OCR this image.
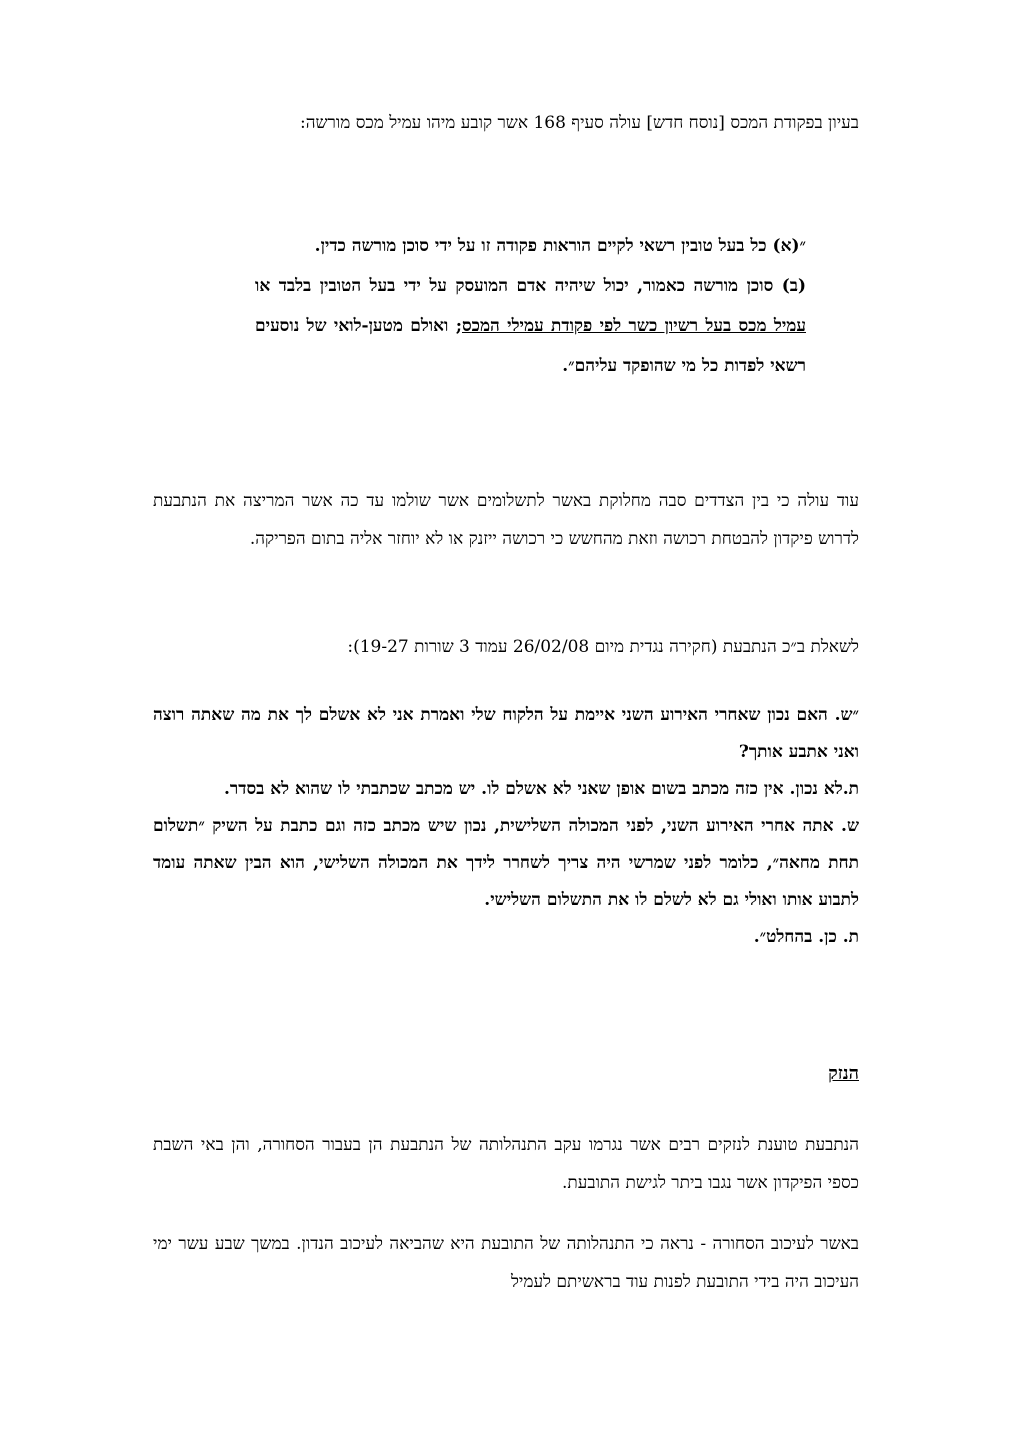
בעיון בפקודת המכס [נוסח חדש] עולה סעיף 168 אשר קובע מיהו עמיל מכס מורשה:

״(א) כל בעל טובין רשאי לקיים הוראות פקודה זו על ידי סוכן מורשה כדין.
(ב) סוכן מורשה כאמור, יכול שיהיה אדם המועסק על ידי בעל הטובין בלבד או עמיל מכס בעל רשיון כשר לפי פקודת עמילי המכס; ואולם מטען-לואי של נוסעים רשאי לפדות כל מי שהופקד עליהם״.

עוד עולה כי בין הצדדים סבה מחלוקת באשר לתשלומים אשר שולמו עד כה אשר המריצה את הנתבעת לדרוש פיקדון להבטחת רכושה וזאת מהחשש כי רכושה ייזנק או לא יוחזר אליה בתום הפריקה.

לשאלת ב״כ הנתבעת (חקירה נגדית מיום 26/02/08 עמוד 3 שורות 19-27):

״ש. האם נכון שאחרי האירוע השני איימת על הלקוח שלי ואמרת אני לא אשלם לך את מה שאתה רוצה ואני אתבע אותך?
ת.לא נכון. אין כזה מכתב בשום אופן שאני לא אשלם לו. יש מכתב שכתבתי לו שהוא לא בסדר.
ש. אתה אחרי האירוע השני, לפני המכולה השלישית, נכון שיש מכתב כזה וגם כתבת על השיק ״תשלום תחת מחאה״, כלומר לפני שמרשי היה צריך לשחרר לידך את המכולה השלישי, הוא הבין שאתה עומד לתבוע אותו ואולי גם לא לשלם לו את התשלום השלישי.
ת. כן. בהחלט״.
הנזק

הנתבעת טוענת לנזקים רבים אשר נגרמו עקב התנהלותה של הנתבעת הן בעבור הסחורה, והן באי השבת כספי הפיקדון אשר נגבו ביתר לגישת התובעת.

באשר לעיכוב הסחורה - נראה כי התנהלותה של התובעת היא שהביאה לעיכוב הנדון. במשך שבע עשר ימי העיכוב היה בידי התובעת לפנות עוד בראשיתם לעמיל
